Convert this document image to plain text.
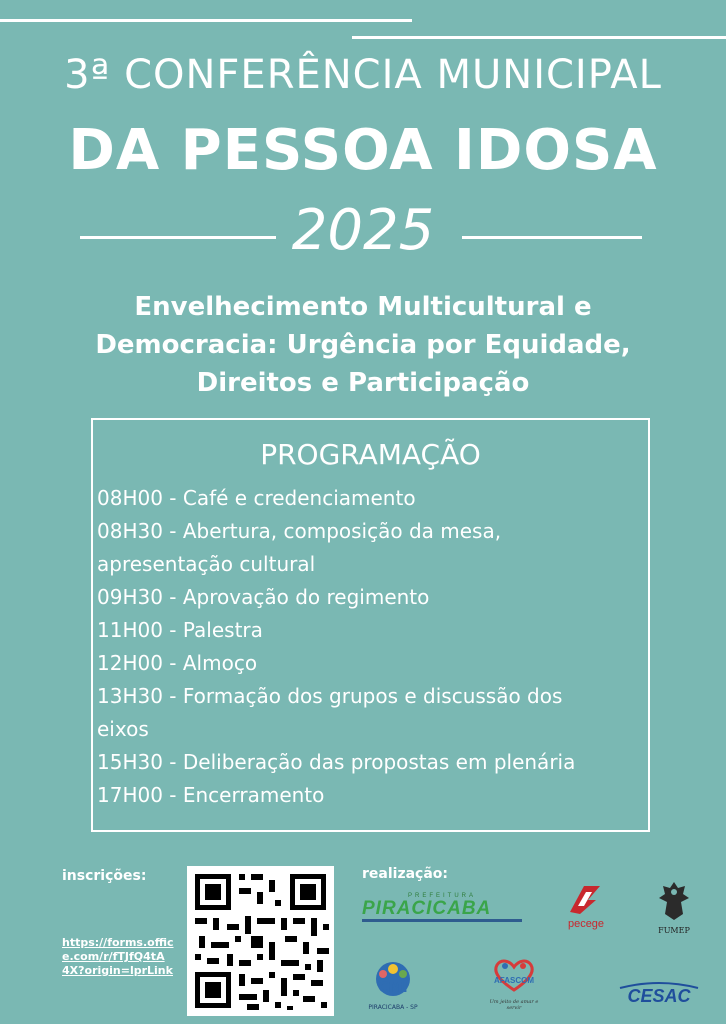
3ª CONFERÊNCIA MUNICIPAL
DA PESSOA IDOSA
2025
Envelhecimento Multicultural e
Democracia: Urgência por Equidade,
Direitos e Participação
PROGRAMAÇÃO
08H00 - Café e credenciamento
08H30 - Abertura, composição da mesa,
apresentação cultural
09H30 - Aprovação do regimento
11H00 - Palestra
12H00 - Almoço
13H30 - Formação dos grupos e discussão dos
eixos
15H30 - Deliberação das propostas em plenária
17H00 - Encerramento
inscrições:
https://forms.offic
e.com/r/fTJfQ4tA
4X?origin=lprLink
realização:
PREFEITURA
PIRACICABA
pecege
FUMEP
CMI
PIRACICABA - SP
AFASCOM
Um jeito de amar e servir
CESAC
